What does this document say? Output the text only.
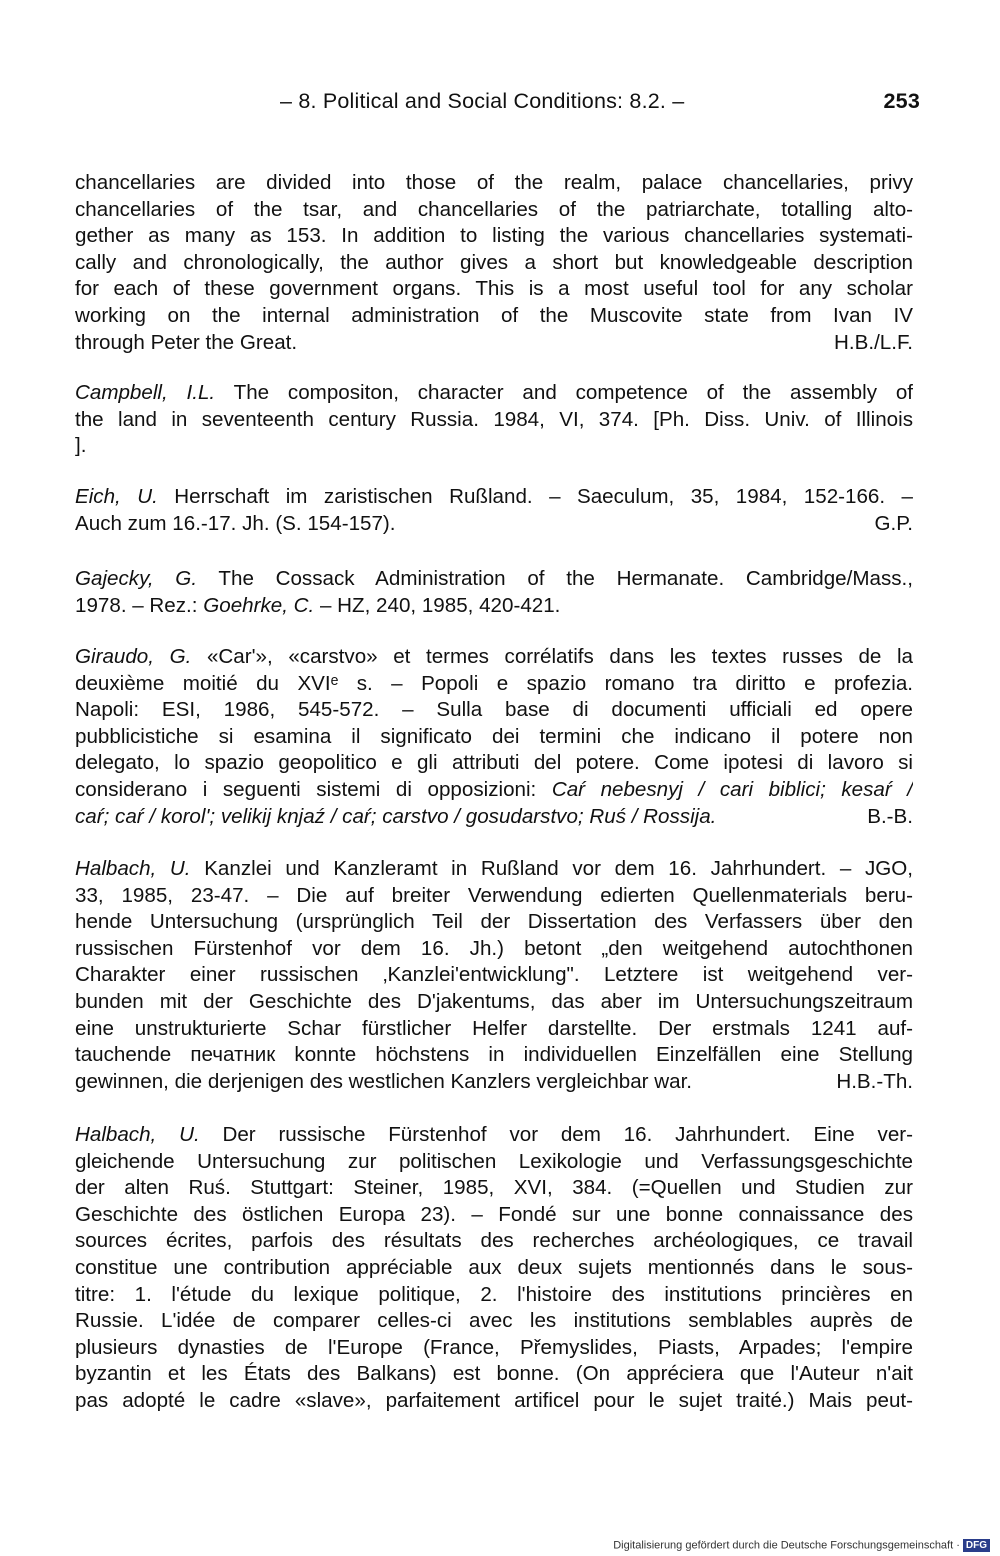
– 8. Political and Social Conditions: 8.2. –	253
chancellaries are divided into those of the realm, palace chancellaries, privy
chancellaries of the tsar, and chancellaries of the patriarchate, totalling alto-
gether as many as 153. In addition to listing the various chancellaries systemati-
cally and chronologically, the author gives a short but knowledgeable description
for each of these government organs. This is a most useful tool for any scholar
working on the internal administration of the Muscovite state from Ivan IV
through Peter the Great.	H.B./L.F.
Campbell, I.L. The compositon, character and competence of the assembly of
the land in seventeenth century Russia. 1984, VI, 374. [Ph. Diss. Univ. of Illinois
].
Eich, U. Herrschaft im zaristischen Rußland. – Saeculum, 35, 1984, 152-166. –
Auch zum 16.-17. Jh. (S. 154-157).	G.P.
Gajecky, G. The Cossack Administration of the Hermanate. Cambridge/Mass.,
1978. – Rez.: Goehrke, C. – HZ, 240, 1985, 420-421.
Giraudo, G. «Car'», «carstvo» et termes corrélatifs dans les textes russes de la
deuxième moitié du XVIᵉ s. – Popoli e spazio romano tra diritto e profezia.
Napoli: ESI, 1986, 545-572. – Sulla base di documenti ufficiali ed opere
pubblicistiche si esamina il significato dei termini che indicano il potere non
delegato, lo spazio geopolitico e gli attributi del potere. Come ipotesi di lavoro si
considerano i seguenti sistemi di opposizioni: Caŕ nebesnyj / cari biblici; kesaŕ /
caŕ; caŕ / korol'; velikij knjaź / caŕ; carstvo / gosudarstvo; Ruś / Rossija.	B.-B.
Halbach, U. Kanzlei und Kanzleramt in Rußland vor dem 16. Jahrhundert. – JGO,
33, 1985, 23-47. – Die auf breiter Verwendung edierten Quellenmaterials beru-
hende Untersuchung (ursprünglich Teil der Dissertation des Verfassers über den
russischen Fürstenhof vor dem 16. Jh.) betont „den weitgehend autochthonen
Charakter einer russischen ‚Kanzlei'entwicklung". Letztere ist weitgehend ver-
bunden mit der Geschichte des D'jakentums, das aber im Untersuchungszeitraum
eine unstrukturierte Schar fürstlicher Helfer darstellte. Der erstmals 1241 auf-
tauchende печатник konnte höchstens in individuellen Einzelfällen eine Stellung
gewinnen, die derjenigen des westlichen Kanzlers vergleichbar war.	H.B.-Th.
Halbach, U. Der russische Fürstenhof vor dem 16. Jahrhundert. Eine ver-
gleichende Untersuchung zur politischen Lexikologie und Verfassungsgeschichte
der alten Ruś. Stuttgart: Steiner, 1985, XVI, 384. (=Quellen und Studien zur
Geschichte des östlichen Europa 23). – Fondé sur une bonne connaissance des
sources écrites, parfois des résultats des recherches archéologiques, ce travail
constitue une contribution appréciable aux deux sujets mentionnés dans le sous-
titre: 1. l'étude du lexique politique, 2. l'histoire des institutions princières en
Russie. L'idée de comparer celles-ci avec les institutions semblables auprès de
plusieurs dynasties de l'Europe (France, Přemyslides, Piasts, Arpades; l'empire
byzantin et les États des Balkans) est bonne. (On appréciera que l'Auteur n'ait
pas adopté le cadre «slave», parfaitement artificel pour le sujet traité.) Mais peut-
Digitalisierung gefördert durch die Deutsche Forschungsgemeinschaft · DFG
